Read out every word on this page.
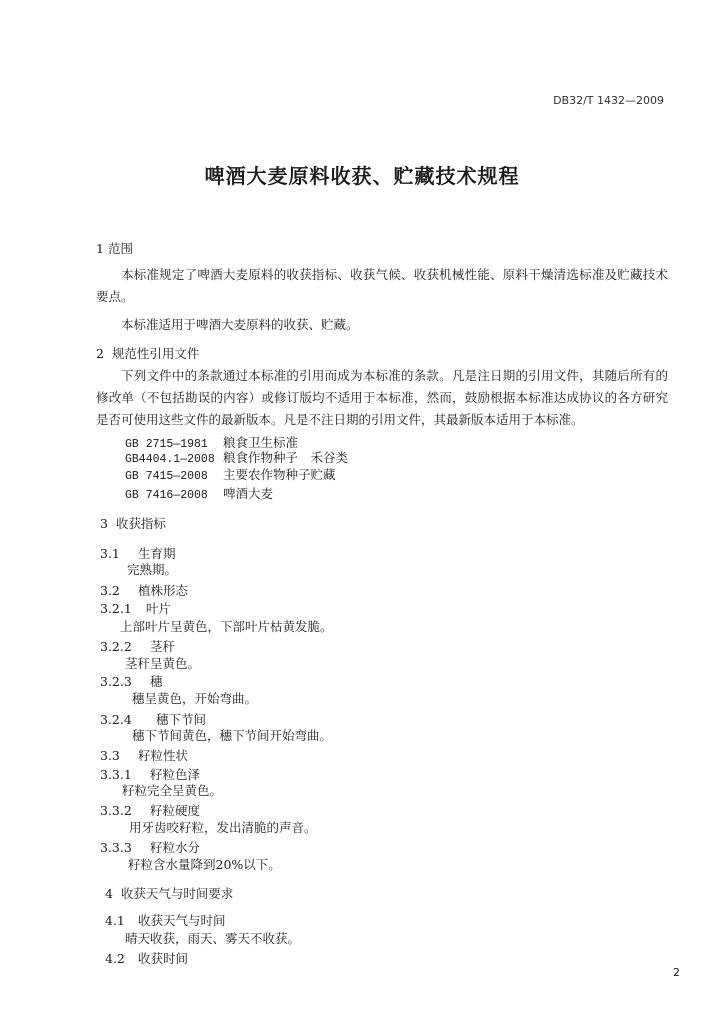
DB32/T 1432—2009
啤酒大麦原料收获、贮藏技术规程
1 范围
本标准规定了啤酒大麦原料的收获指标、收获气候、收获机械性能、原料干燥清选标准及贮藏技术要点。
本标准适用于啤酒大麦原料的收获、贮藏。
2 规范性引用文件
下列文件中的条款通过本标准的引用而成为本标准的条款。凡是注日期的引用文件，其随后所有的修改单（不包括勘误的内容）或修订版均不适用于本标准，然而，鼓励根据本标准达成协议的各方研究是否可使用这些文件的最新版本。凡是不注日期的引用文件，其最新版本适用于本标准。
GB 2715—1981 粮食卫生标准
GB4404.1—2008 粮食作物种子　禾谷类
GB 7415—2008 主要农作物种子贮藏
GB 7416—2008 啤酒大麦
3 收获指标
3.1 生育期
完熟期。
3.2 植株形态
3.2.1 叶片
上部叶片呈黄色，下部叶片枯黄发脆。
3.2.2 茎秆
茎秆呈黄色。
3.2.3 穗
穗呈黄色，开始弯曲。
3.2.4 穗下节间
穗下节间黄色，穗下节间开始弯曲。
3.3 籽粒性状
3.3.1 籽粒色泽
籽粒完全呈黄色。
3.3.2 籽粒硬度
用牙齿咬籽粒，发出清脆的声音。
3.3.3 籽粒水分
籽粒含水量降到20%以下。
4 收获天气与时间要求
4.1 收获天气与时间
晴天收获，雨天、雾天不收获。
4.2 收获时间
2
